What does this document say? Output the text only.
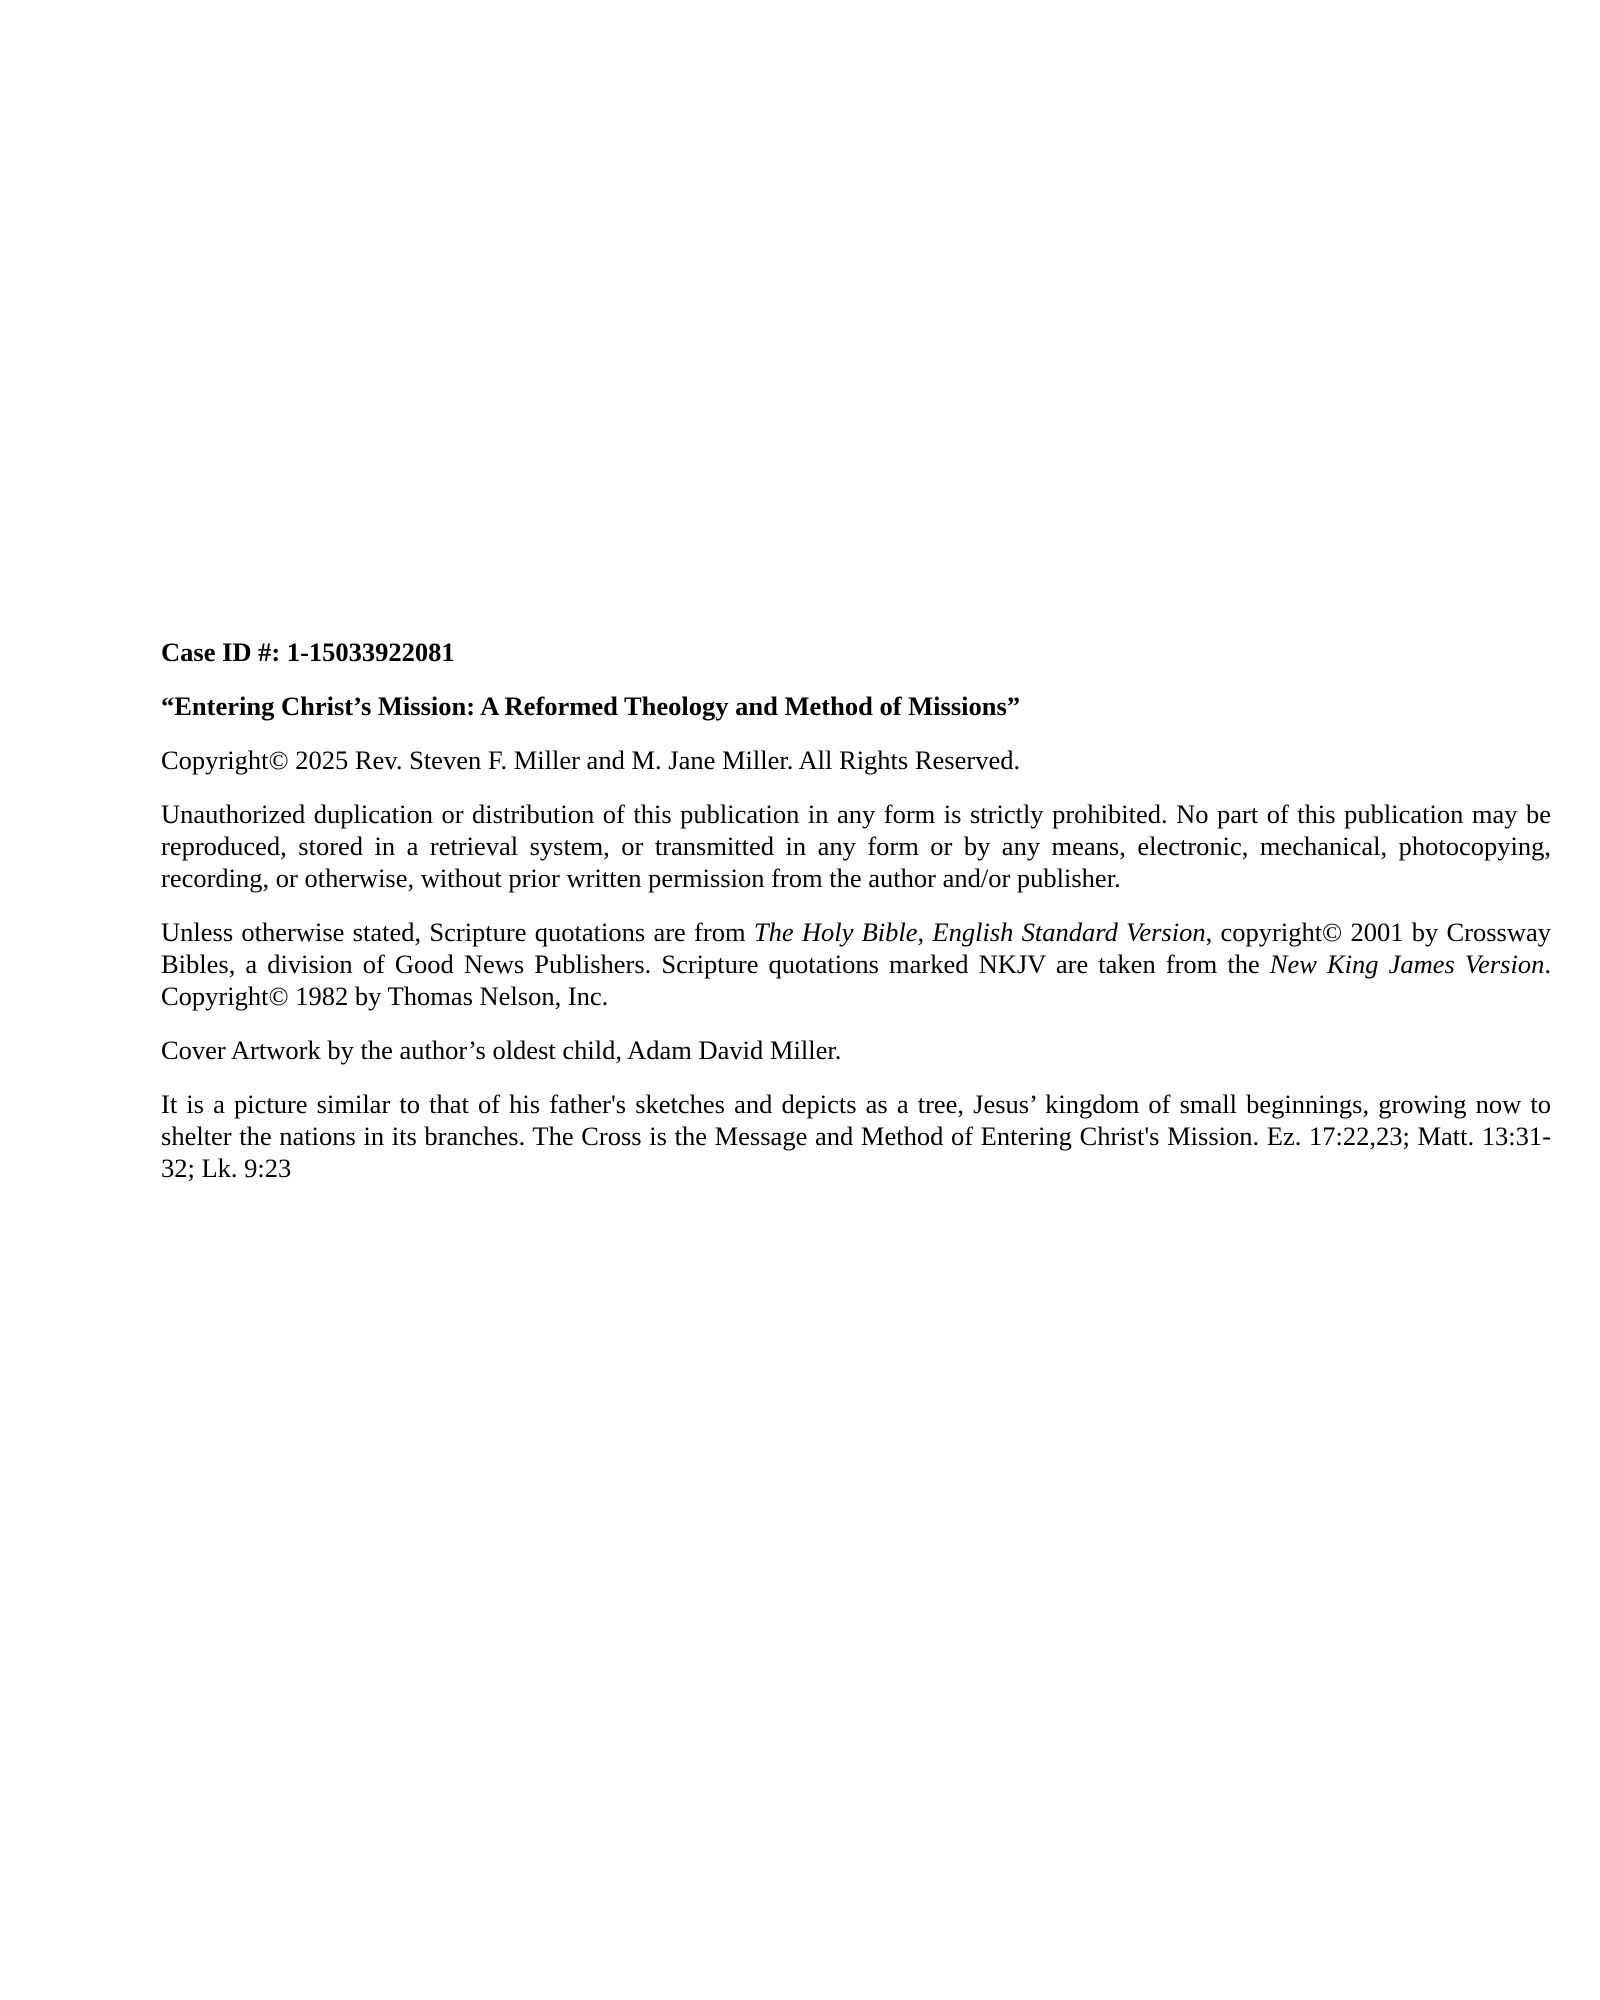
Case ID #: 1-15033922081

“Entering Christ’s Mission: A Reformed Theology and Method of Missions”

Copyright© 2025 Rev. Steven F. Miller and M. Jane Miller. All Rights Reserved.

Unauthorized duplication or distribution of this publication in any form is strictly prohibited. No part of this publication may be reproduced, stored in a retrieval system, or transmitted in any form or by any means, electronic, mechanical, photocopying, recording, or otherwise, without prior written permission from the author and/or publisher.

Unless otherwise stated, Scripture quotations are from The Holy Bible, English Standard Version, copyright© 2001 by Crossway Bibles, a division of Good News Publishers. Scripture quotations marked NKJV are taken from the New King James Version. Copyright© 1982 by Thomas Nelson, Inc.

Cover Artwork by the author’s oldest child, Adam David Miller.

It is a picture similar to that of his father's sketches and depicts as a tree, Jesus’ kingdom of small beginnings, growing now to shelter the nations in its branches. The Cross is the Message and Method of Entering Christ's Mission. Ez. 17:22,23; Matt. 13:31-32; Lk. 9:23
